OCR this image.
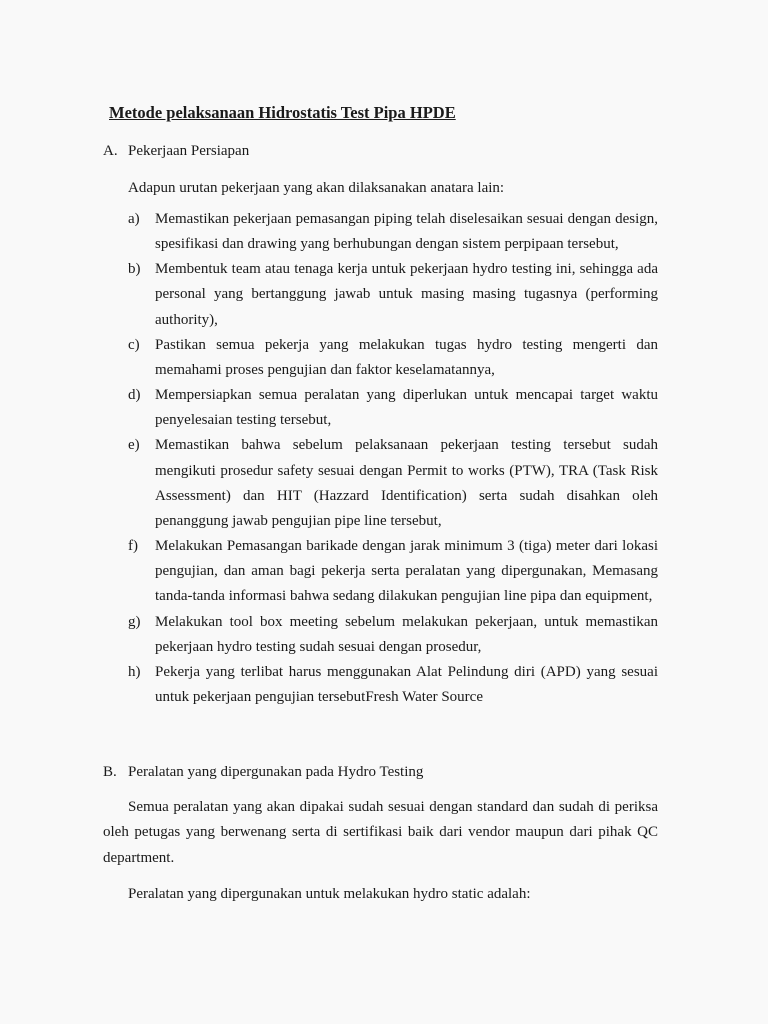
Metode pelaksanaan Hidrostatis Test Pipa HPDE
A. Pekerjaan Persiapan

Adapun urutan pekerjaan yang akan dilaksanakan anatara lain:

a) Memastikan pekerjaan pemasangan piping telah diselesaikan sesuai dengan design, spesifikasi dan drawing yang berhubungan dengan sistem perpipaan tersebut,
b) Membentuk team atau tenaga kerja untuk pekerjaan hydro testing ini, sehingga ada personal yang bertanggung jawab untuk masing masing tugasnya (performing authority),
c) Pastikan semua pekerja yang melakukan tugas hydro testing mengerti dan memahami proses pengujian dan faktor keselamatannya,
d) Mempersiapkan semua peralatan yang diperlukan untuk mencapai target waktu penyelesaian testing tersebut,
e) Memastikan bahwa sebelum pelaksanaan pekerjaan testing tersebut sudah mengikuti prosedur safety sesuai dengan Permit to works (PTW), TRA (Task Risk Assessment) dan HIT (Hazzard Identification) serta sudah disahkan oleh penanggung jawab pengujian pipe line tersebut,
f) Melakukan Pemasangan barikade dengan jarak minimum 3 (tiga) meter dari lokasi pengujian, dan aman bagi pekerja serta peralatan yang dipergunakan, Memasang tanda-tanda informasi bahwa sedang dilakukan pengujian line pipa dan equipment,
g) Melakukan tool box meeting sebelum melakukan pekerjaan, untuk memastikan pekerjaan hydro testing sudah sesuai dengan prosedur,
h) Pekerja yang terlibat harus menggunakan Alat Pelindung diri (APD) yang sesuai untuk pekerjaan pengujian tersebutFresh Water Source
B. Peralatan yang dipergunakan pada Hydro Testing

Semua peralatan yang akan dipakai sudah sesuai dengan standard dan sudah di periksa oleh petugas yang berwenang serta di sertifikasi baik dari vendor maupun dari pihak QC department.

Peralatan yang dipergunakan untuk melakukan hydro static adalah:
